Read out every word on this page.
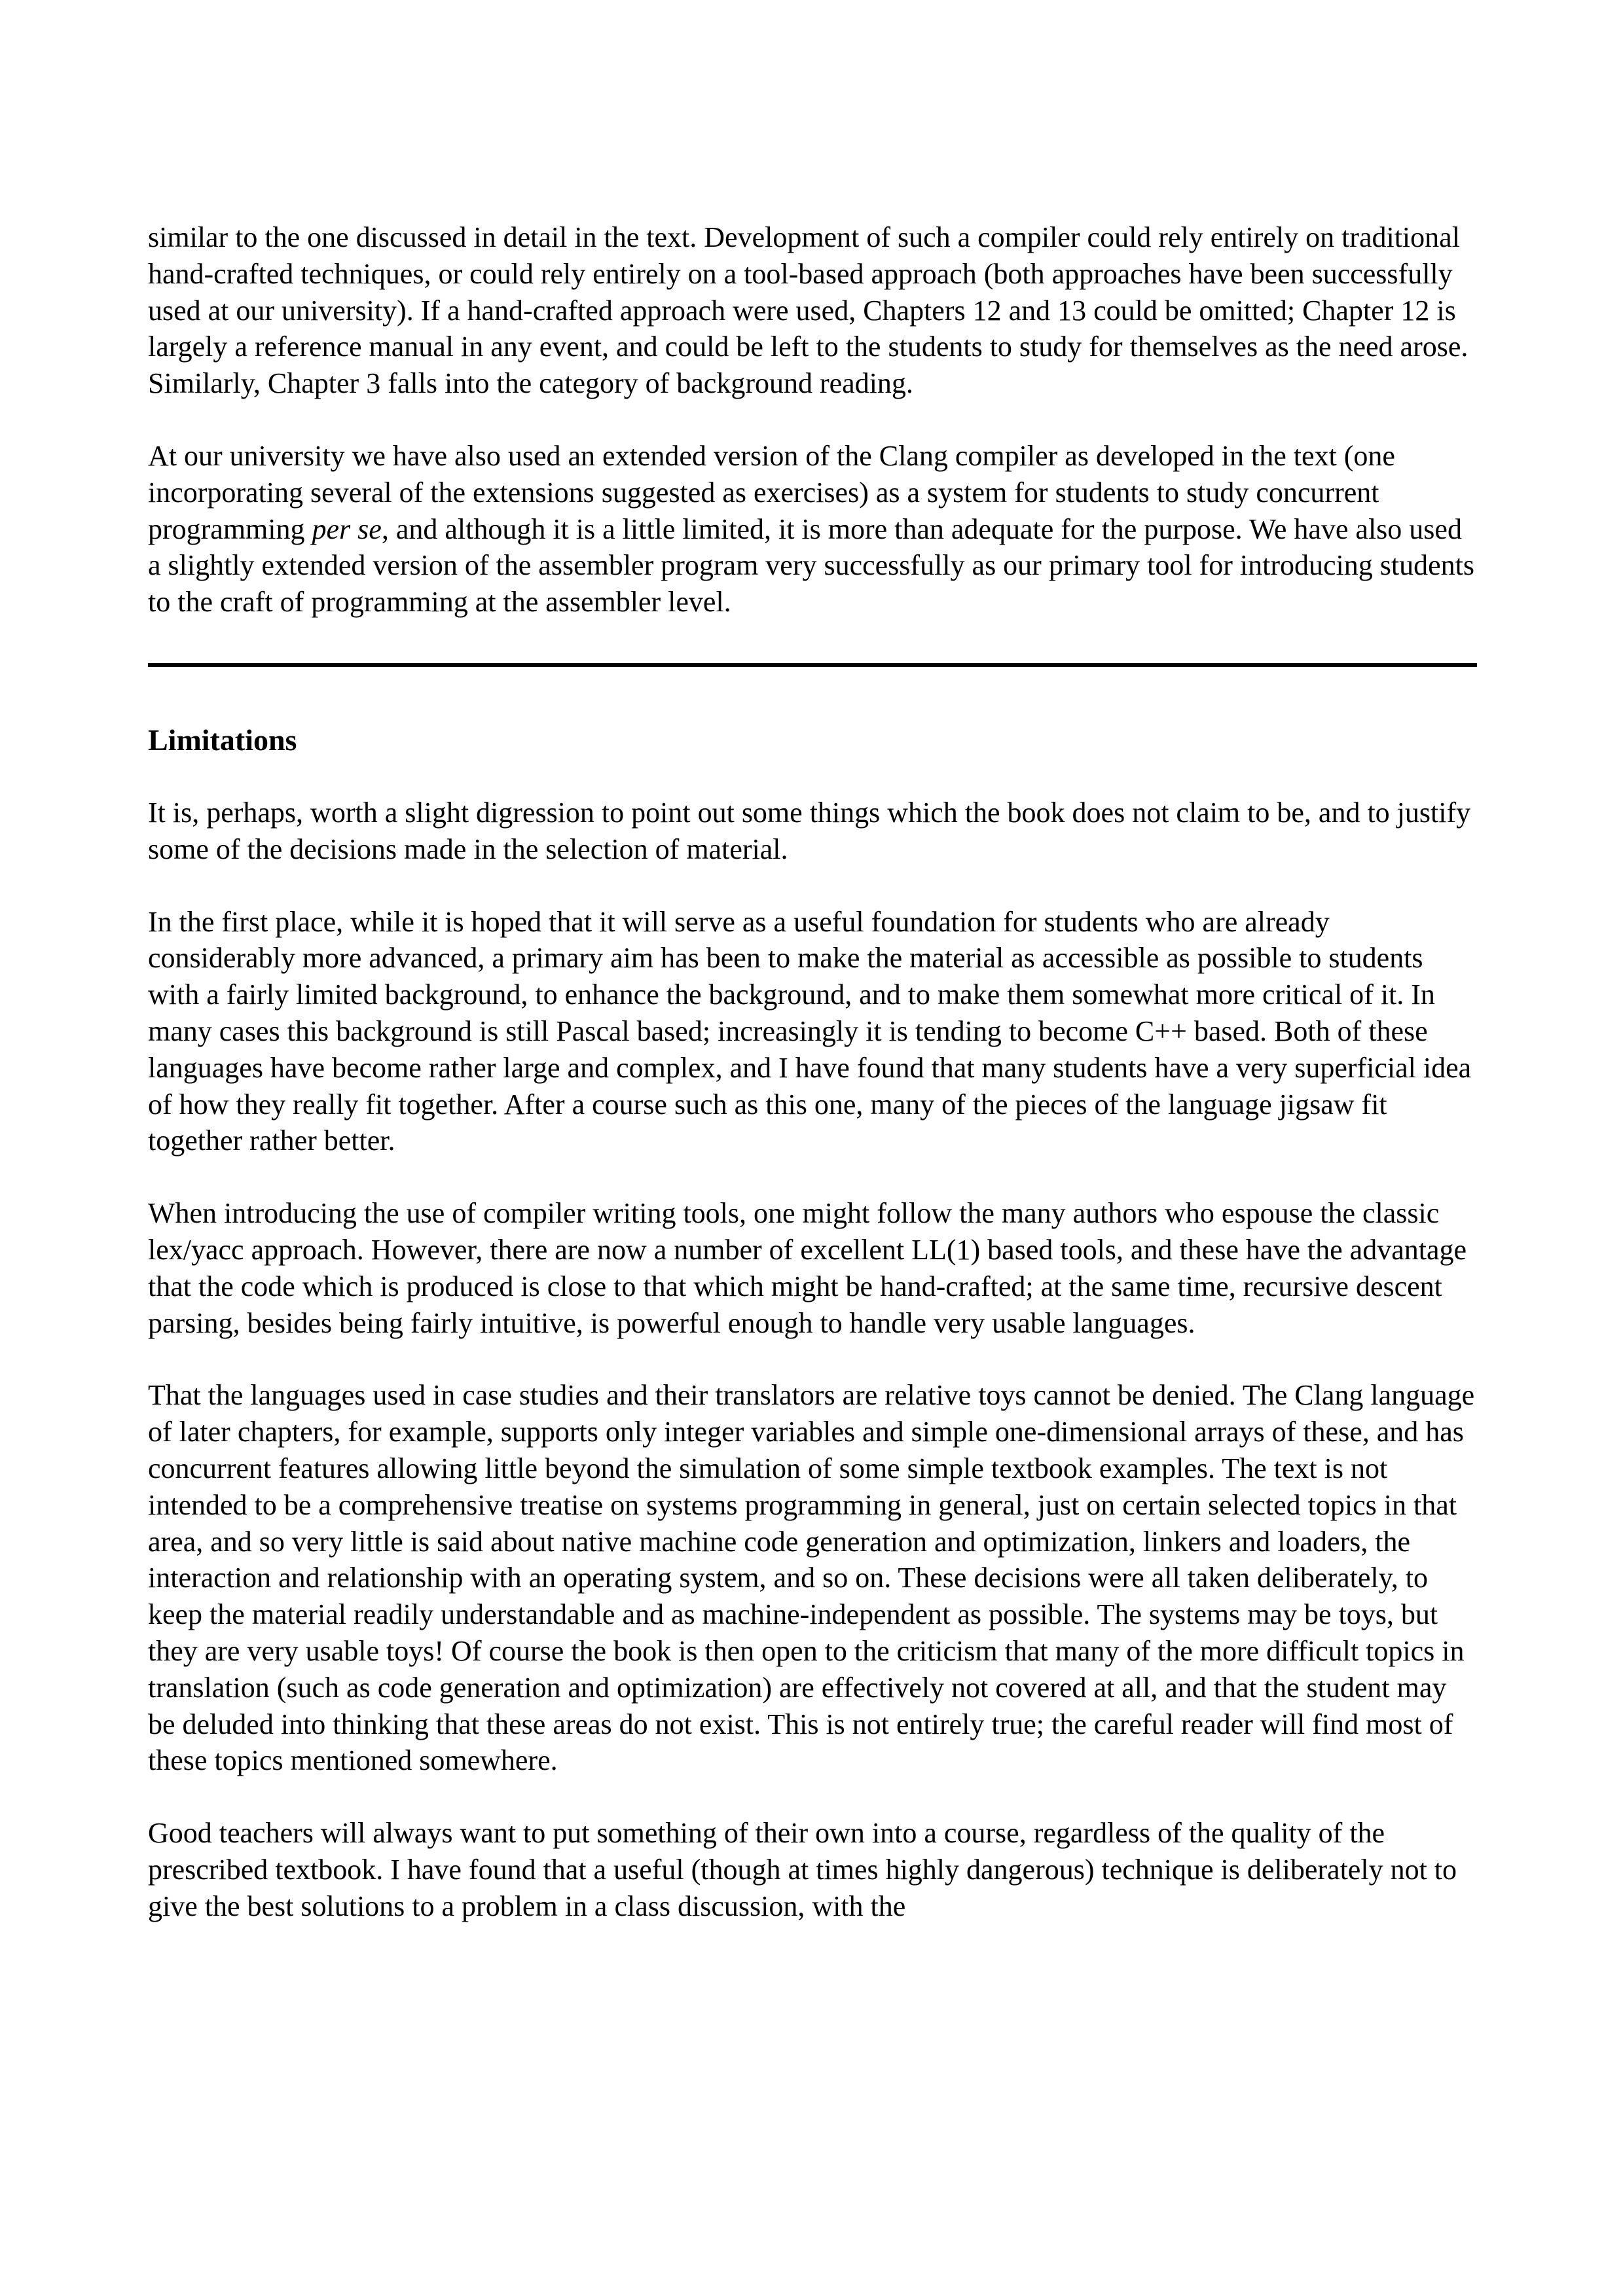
similar to the one discussed in detail in the text. Development of such a compiler could rely entirely on traditional hand-crafted techniques, or could rely entirely on a tool-based approach (both approaches have been successfully used at our university). If a hand-crafted approach were used, Chapters 12 and 13 could be omitted; Chapter 12 is largely a reference manual in any event, and could be left to the students to study for themselves as the need arose. Similarly, Chapter 3 falls into the category of background reading.

At our university we have also used an extended version of the Clang compiler as developed in the text (one incorporating several of the extensions suggested as exercises) as a system for students to study concurrent programming per se, and although it is a little limited, it is more than adequate for the purpose. We have also used a slightly extended version of the assembler program very successfully as our primary tool for introducing students to the craft of programming at the assembler level.

Limitations

It is, perhaps, worth a slight digression to point out some things which the book does not claim to be, and to justify some of the decisions made in the selection of material.

In the first place, while it is hoped that it will serve as a useful foundation for students who are already considerably more advanced, a primary aim has been to make the material as accessible as possible to students with a fairly limited background, to enhance the background, and to make them somewhat more critical of it. In many cases this background is still Pascal based; increasingly it is tending to become C++ based. Both of these languages have become rather large and complex, and I have found that many students have a very superficial idea of how they really fit together. After a course such as this one, many of the pieces of the language jigsaw fit together rather better.

When introducing the use of compiler writing tools, one might follow the many authors who espouse the classic lex/yacc approach. However, there are now a number of excellent LL(1) based tools, and these have the advantage that the code which is produced is close to that which might be hand-crafted; at the same time, recursive descent parsing, besides being fairly intuitive, is powerful enough to handle very usable languages.

That the languages used in case studies and their translators are relative toys cannot be denied. The Clang language of later chapters, for example, supports only integer variables and simple one-dimensional arrays of these, and has concurrent features allowing little beyond the simulation of some simple textbook examples. The text is not intended to be a comprehensive treatise on systems programming in general, just on certain selected topics in that area, and so very little is said about native machine code generation and optimization, linkers and loaders, the interaction and relationship with an operating system, and so on. These decisions were all taken deliberately, to keep the material readily understandable and as machine-independent as possible. The systems may be toys, but they are very usable toys! Of course the book is then open to the criticism that many of the more difficult topics in translation (such as code generation and optimization) are effectively not covered at all, and that the student may be deluded into thinking that these areas do not exist. This is not entirely true; the careful reader will find most of these topics mentioned somewhere.

Good teachers will always want to put something of their own into a course, regardless of the quality of the prescribed textbook. I have found that a useful (though at times highly dangerous) technique is deliberately not to give the best solutions to a problem in a class discussion, with the
